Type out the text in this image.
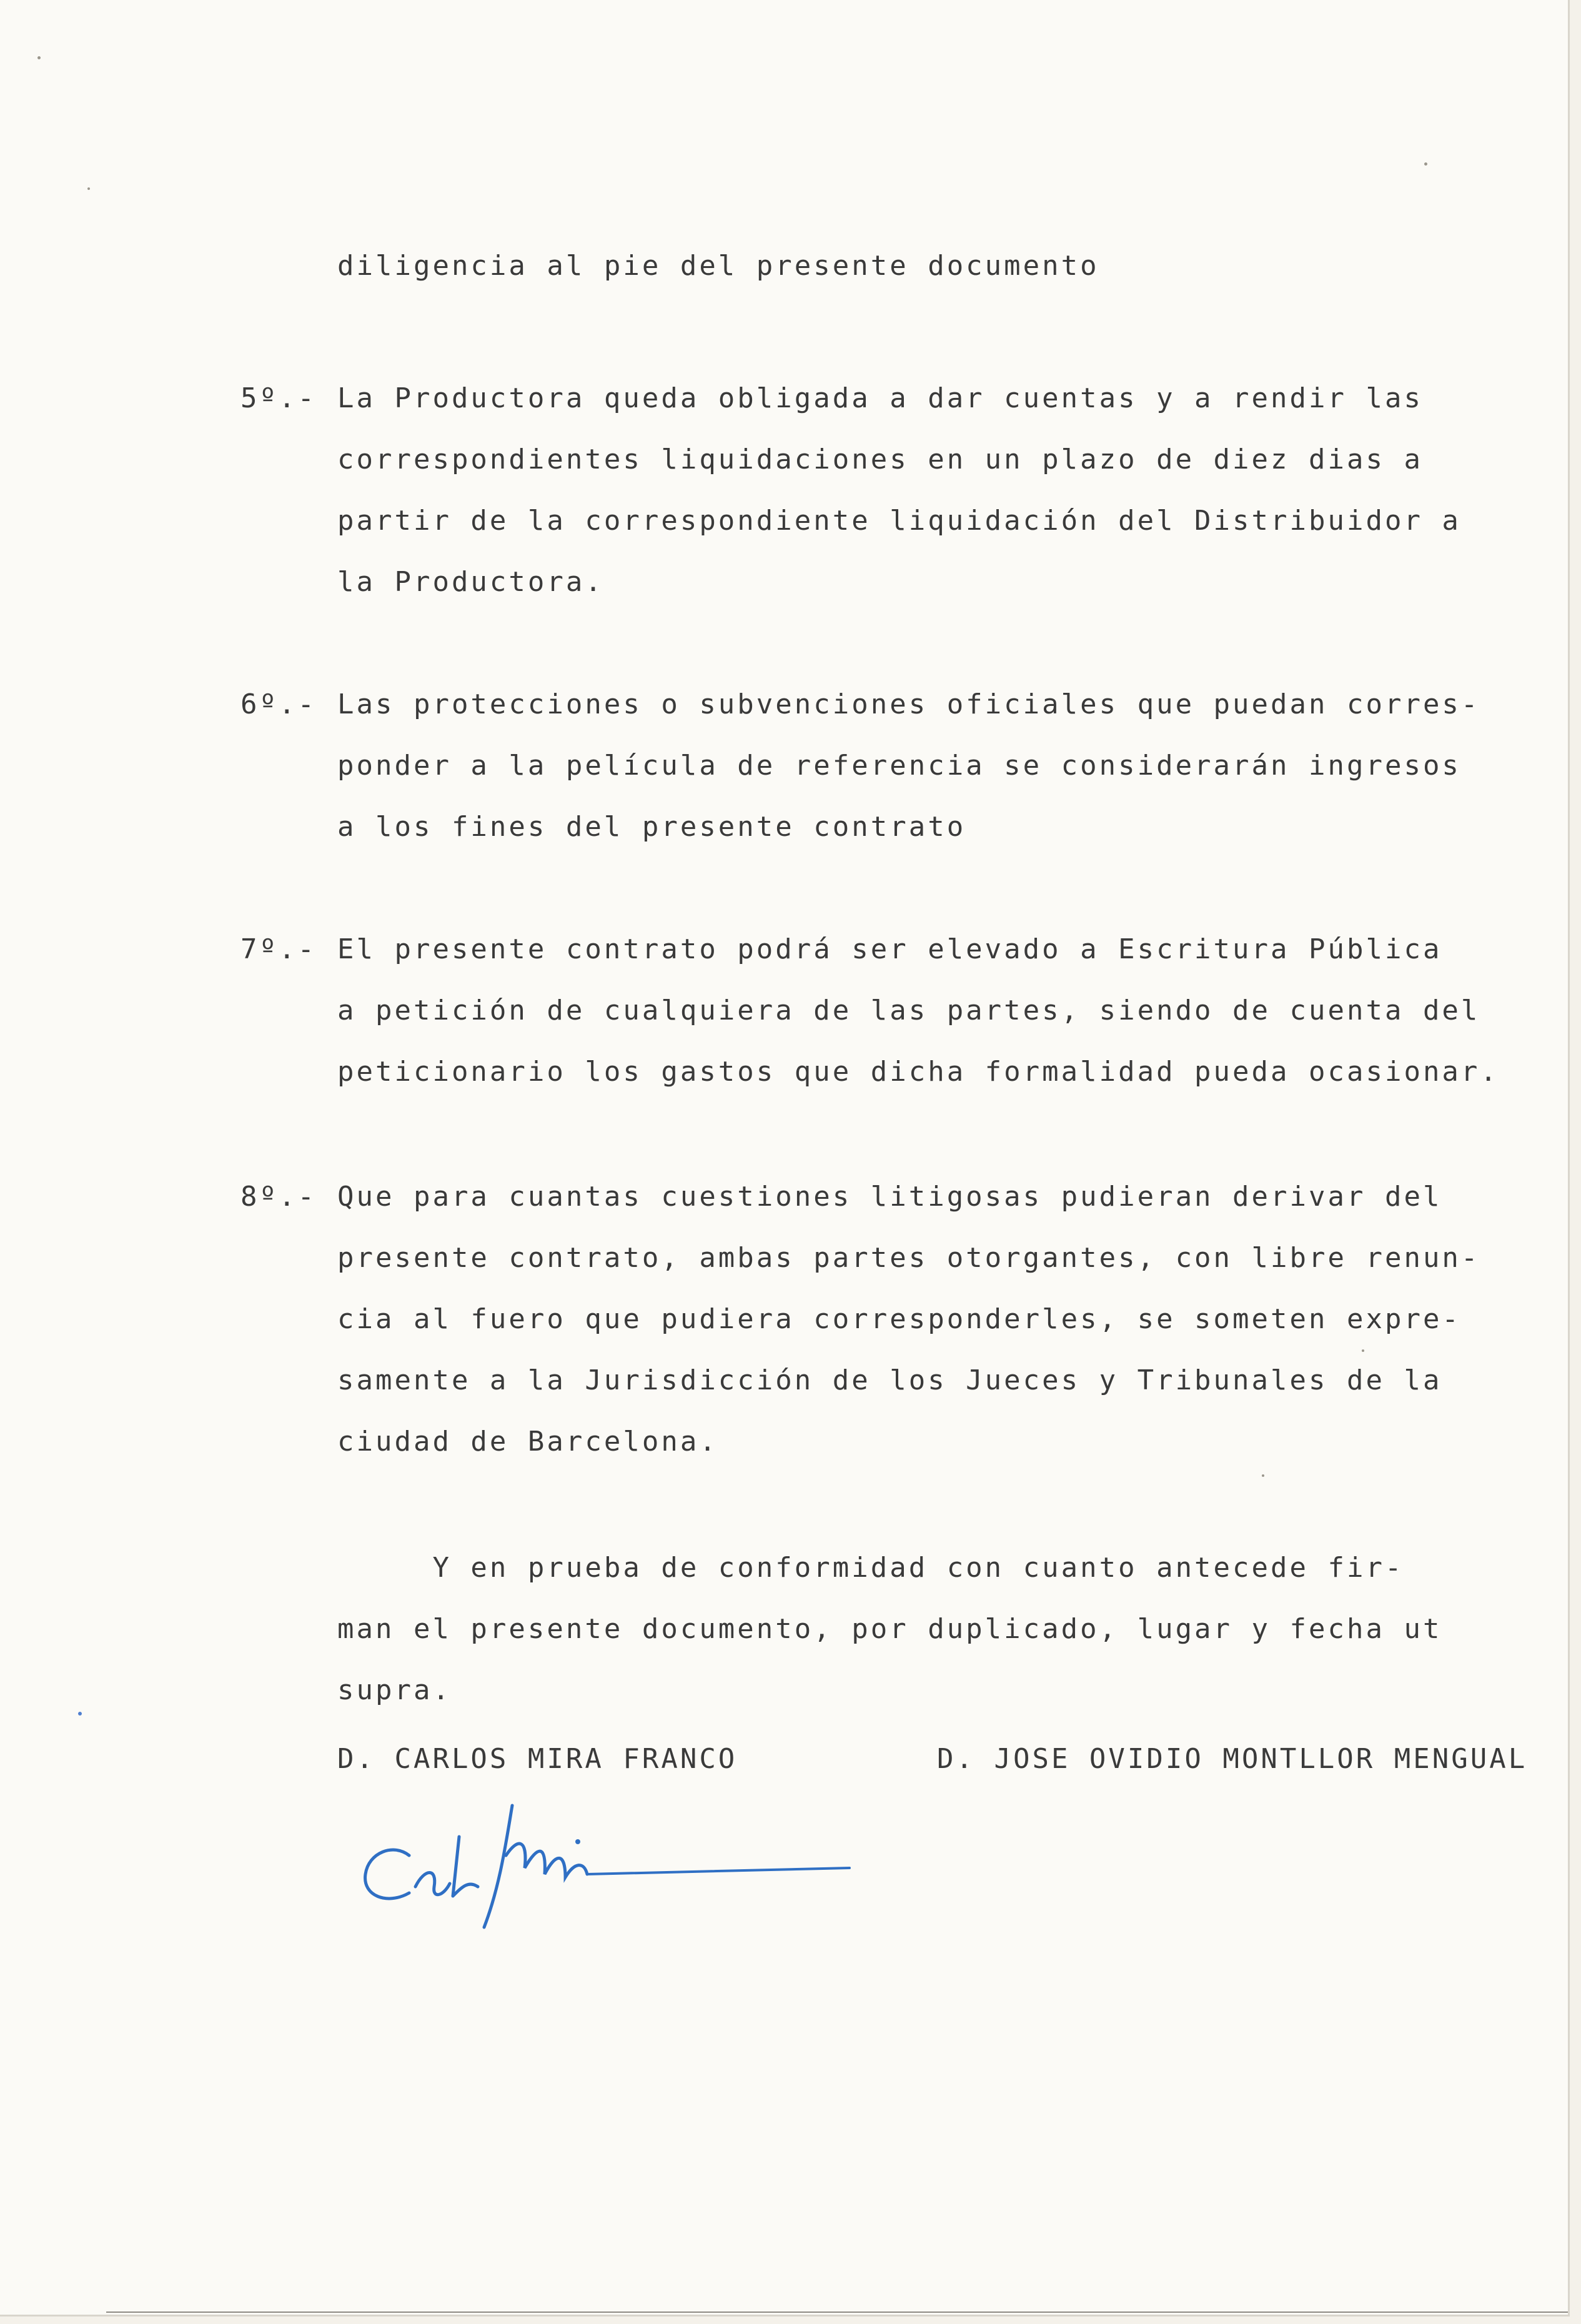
diligencia al pie del presente documento
5º.- La Productora queda obligada a dar cuentas y a rendir las
correspondientes liquidaciones en un plazo de diez dias a
partir de la correspondiente liquidación del Distribuidor a
la Productora.
6º.- Las protecciones o subvenciones oficiales que puedan corres-
ponder a la película de referencia se considerarán ingresos
a los fines del presente contrato
7º.- El presente contrato podrá ser elevado a Escritura Pública
a petición de cualquiera de las partes, siendo de cuenta del
peticionario los gastos que dicha formalidad pueda ocasionar.
8º.- Que para cuantas cuestiones litigosas pudieran derivar del
presente contrato, ambas partes otorgantes, con libre renun-
cia al fuero que pudiera corresponderles, se someten expre-
samente a la Jurisdicción de los Jueces y Tribunales de la
ciudad de Barcelona.
Y en prueba de conformidad con cuanto antecede fir-
man el presente documento, por duplicado, lugar y fecha ut
supra.
D. CARLOS MIRA FRANCO	D. JOSE OVIDIO MONTLLOR MENGUAL
